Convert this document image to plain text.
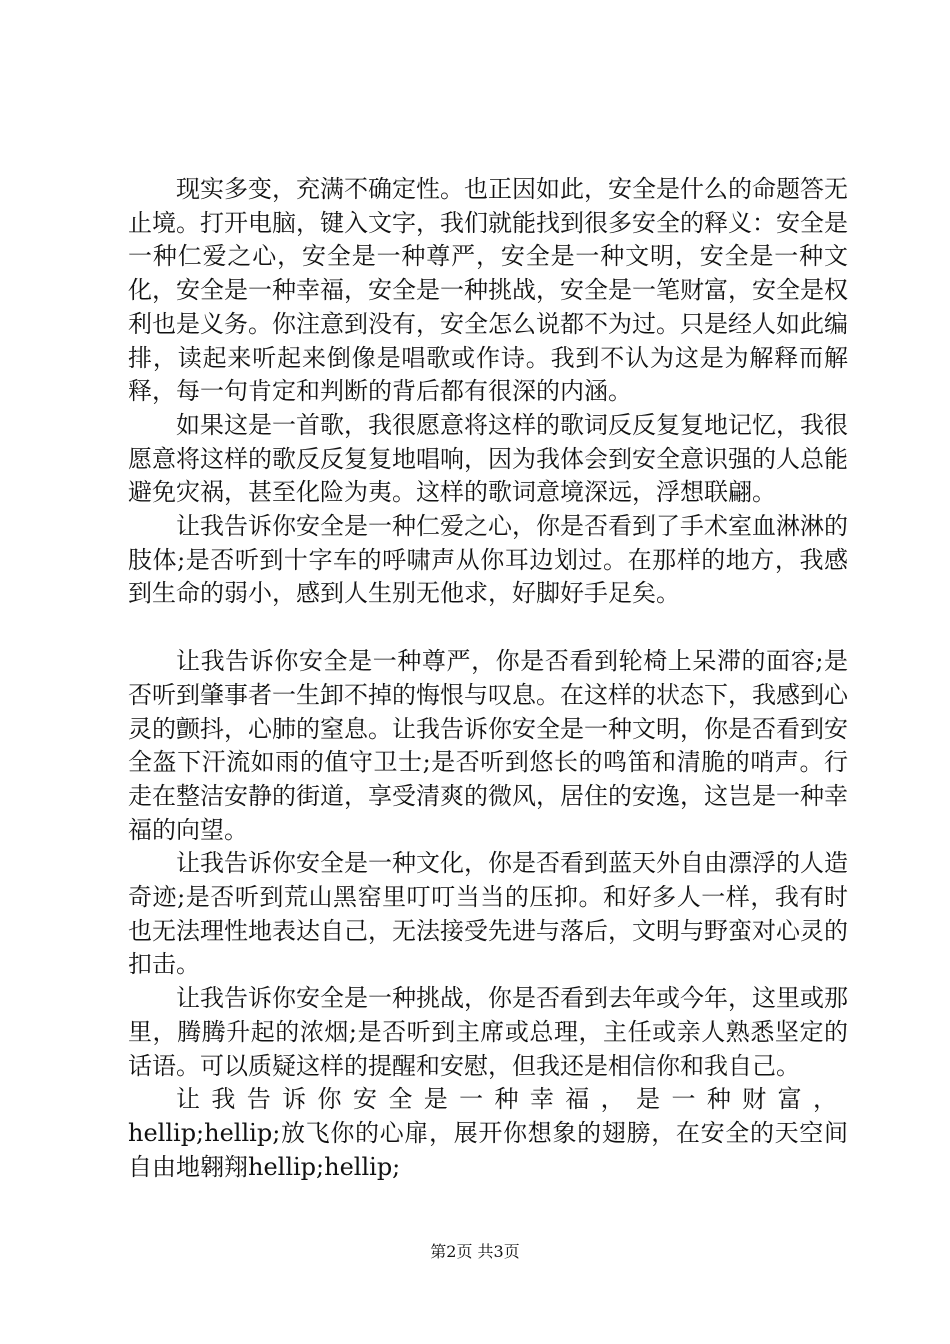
现实多变，充满不确定性。也正因如此，安全是什么的命题答无止境。打开电脑，键入文字，我们就能找到很多安全的释义：安全是一种仁爱之心，安全是一种尊严，安全是一种文明，安全是一种文化，安全是一种幸福，安全是一种挑战，安全是一笔财富，安全是权利也是义务。你注意到没有，安全怎么说都不为过。只是经人如此编排，读起来听起来倒像是唱歌或作诗。我到不认为这是为解释而解释，每一句肯定和判断的背后都有很深的内涵。

如果这是一首歌，我很愿意将这样的歌词反反复复地记忆，我很愿意将这样的歌反反复复地唱响，因为我体会到安全意识强的人总能避免灾祸，甚至化险为夷。这样的歌词意境深远，浮想联翩。

让我告诉你安全是一种仁爱之心，你是否看到了手术室血淋淋的肢体;是否听到十字车的呼啸声从你耳边划过。在那样的地方，我感到生命的弱小，感到人生别无他求，好脚好手足矣。

让我告诉你安全是一种尊严，你是否看到轮椅上呆滞的面容;是否听到肇事者一生卸不掉的悔恨与叹息。在这样的状态下，我感到心灵的颤抖，心肺的窒息。让我告诉你安全是一种文明，你是否看到安全盔下汗流如雨的值守卫士;是否听到悠长的鸣笛和清脆的哨声。行走在整洁安静的街道，享受清爽的微风，居住的安逸，这岂是一种幸福的向望。

让我告诉你安全是一种文化，你是否看到蓝天外自由漂浮的人造奇迹;是否听到荒山黑窑里叮叮当当的压抑。和好多人一样，我有时也无法理性地表达自己，无法接受先进与落后，文明与野蛮对心灵的扣击。

让我告诉你安全是一种挑战，你是否看到去年或今年，这里或那里，腾腾升起的浓烟;是否听到主席或总理，主任或亲人熟悉坚定的话语。可以质疑这样的提醒和安慰，但我还是相信你和我自己。

让我告诉你安全是一种幸福，是一种财富，hellip;hellip;放飞你的心扉，展开你想象的翅膀，在安全的天空间自由地翱翔hellip;hellip;

第2页 共3页
